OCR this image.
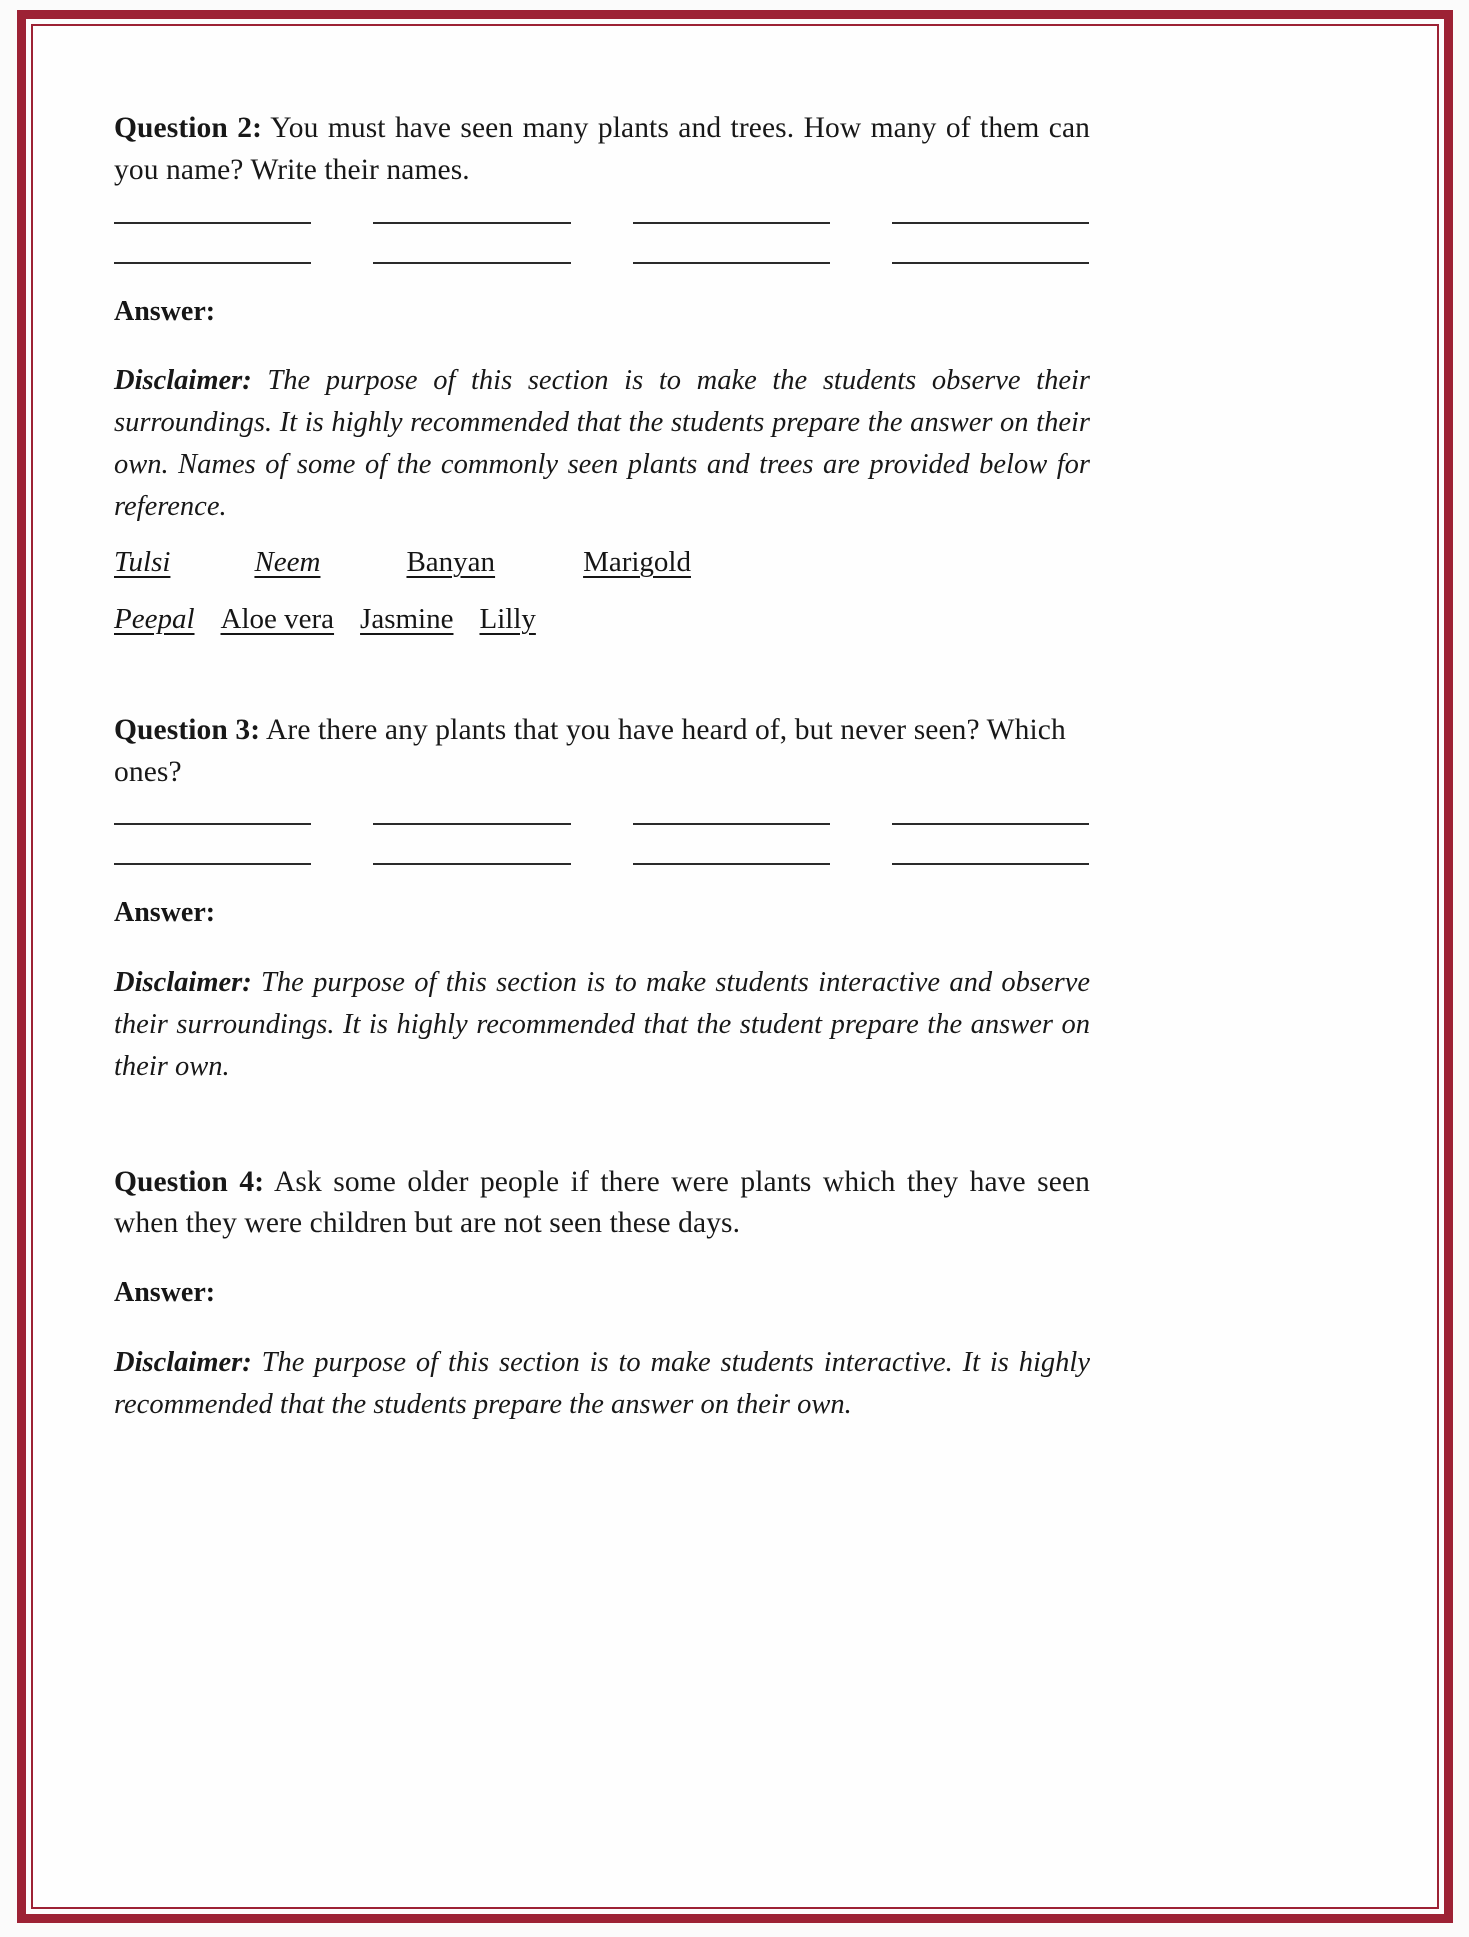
Question 2: You must have seen many plants and trees. How many of them can you name? Write their names.

Answer:

Disclaimer: The purpose of this section is to make the students observe their surroundings. It is highly recommended that the students prepare the answer on their own. Names of some of the commonly seen plants and trees are provided below for reference.

Tulsi	Neem	Banyan	Marigold
Peepal Aloe vera Jasmine Lilly

Question 3: Are there any plants that you have heard of, but never seen? Which ones?

Answer:

Disclaimer: The purpose of this section is to make students interactive and observe their surroundings. It is highly recommended that the student prepare the answer on their own.

Question 4: Ask some older people if there were plants which they have seen when they were children but are not seen these days.

Answer:

Disclaimer: The purpose of this section is to make students interactive. It is highly recommended that the students prepare the answer on their own.
